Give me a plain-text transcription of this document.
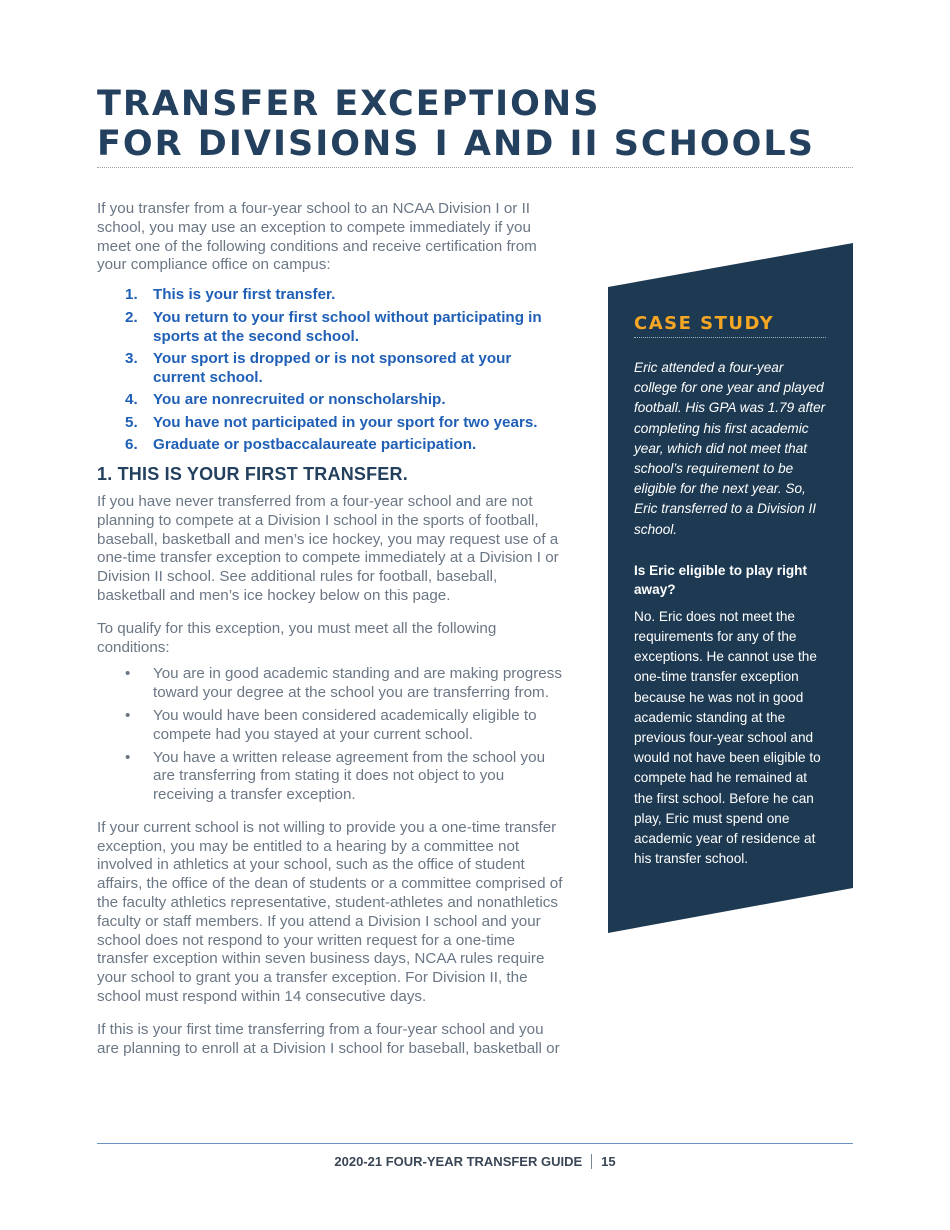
TRANSFER EXCEPTIONS
FOR DIVISIONS I AND II SCHOOLS

If you transfer from a four-year school to an NCAA Division I or II school, you may use an exception to compete immediately if you meet one of the following conditions and receive certification from your compliance office on campus:

1. This is your first transfer.
2. You return to your first school without participating in sports at the second school.
3. Your sport is dropped or is not sponsored at your current school.
4. You are nonrecruited or nonscholarship.
5. You have not participated in your sport for two years.
6. Graduate or postbaccalaureate participation.
1. THIS IS YOUR FIRST TRANSFER.

If you have never transferred from a four-year school and are not planning to compete at a Division I school in the sports of football, baseball, basketball and men’s ice hockey, you may request use of a one-time transfer exception to compete immediately at a Division I or Division II school. See additional rules for football, baseball, basketball and men’s ice hockey below on this page.

To qualify for this exception, you must meet all the following conditions:

• You are in good academic standing and are making progress toward your degree at the school you are transferring from.
• You would have been considered academically eligible to compete had you stayed at your current school.
• You have a written release agreement from the school you are transferring from stating it does not object to you receiving a transfer exception.

If your current school is not willing to provide you a one-time transfer exception, you may be entitled to a hearing by a committee not involved in athletics at your school, such as the office of student affairs, the office of the dean of students or a committee comprised of the faculty athletics representative, student-athletes and nonathletics faculty or staff members. If you attend a Division I school and your school does not respond to your written request for a one-time transfer exception within seven business days, NCAA rules require your school to grant you a transfer exception. For Division II, the school must respond within 14 consecutive days.

If this is your first time transferring from a four-year school and you are planning to enroll at a Division I school for baseball, basketball or

CASE STUDY

Eric attended a four-year college for one year and played football. His GPA was 1.79 after completing his first academic year, which did not meet that school’s requirement to be eligible for the next year. So, Eric transferred to a Division II school.

Is Eric eligible to play right away?

No. Eric does not meet the requirements for any of the exceptions. He cannot use the one-time transfer exception because he was not in good academic standing at the previous four-year school and would not have been eligible to compete had he remained at the first school. Before he can play, Eric must spend one academic year of residence at his transfer school.

2020-21 FOUR-YEAR TRANSFER GUIDE 15
